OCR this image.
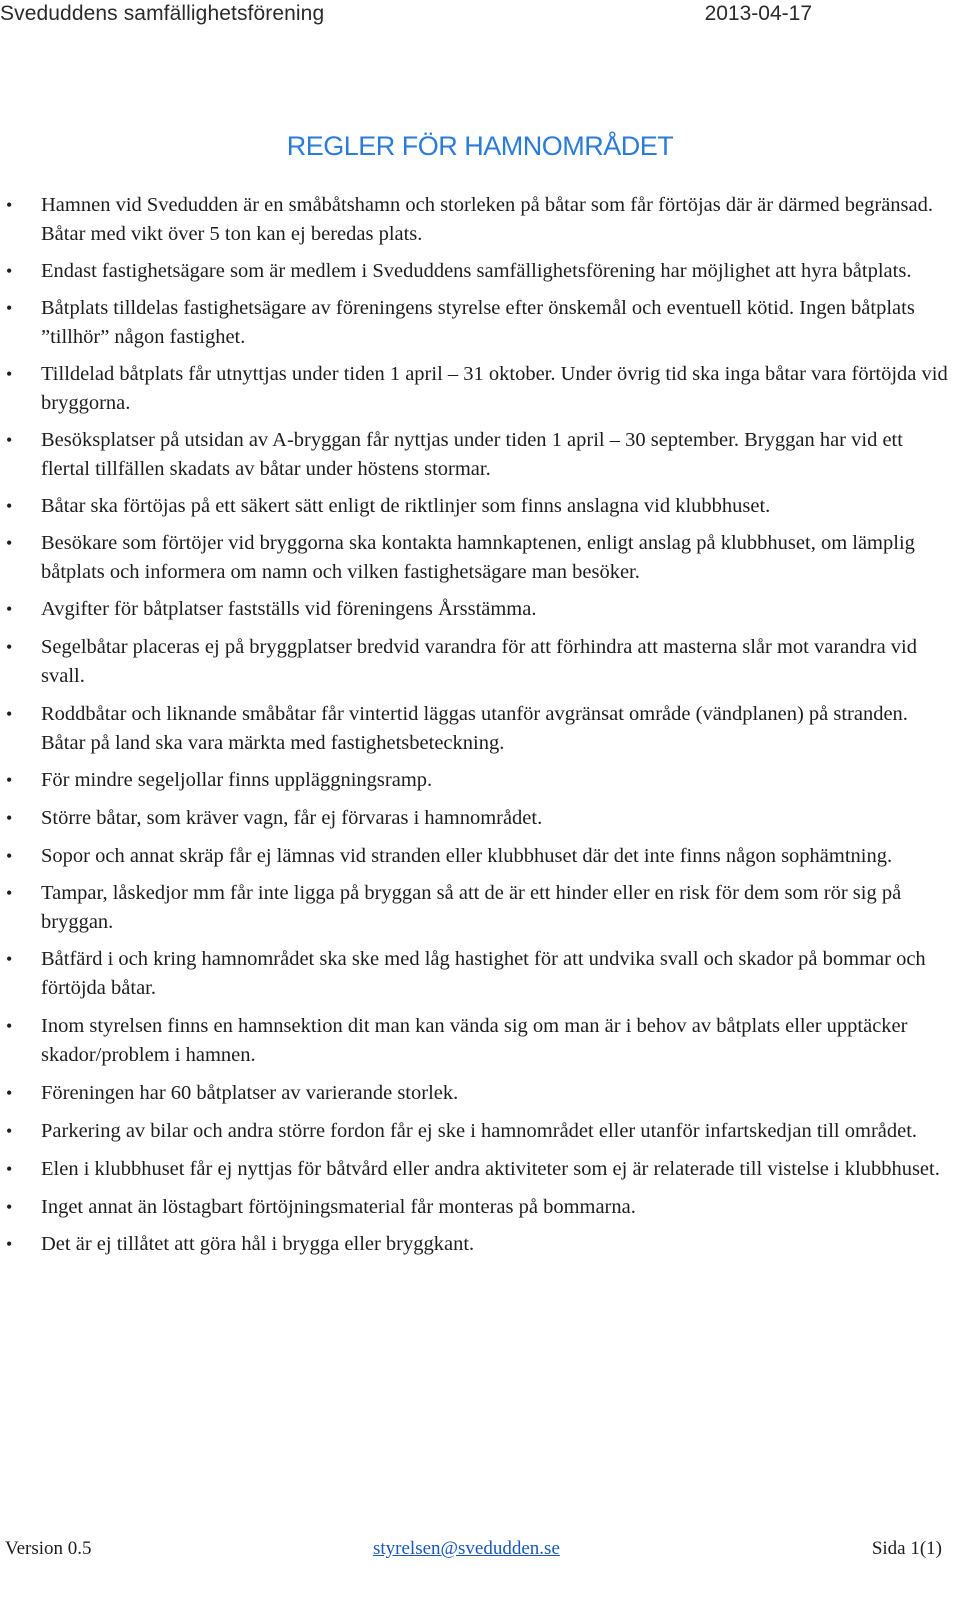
Sveduddens samfällighetsförening	2013-04-17
REGLER FÖR HAMNOMRÅDET
• Hamnen vid Svedudden är en småbåtshamn och storleken på båtar som får förtöjas där är därmed begränsad. Båtar med vikt över 5 ton kan ej beredas plats.
• Endast fastighetsägare som är medlem i Sveduddens samfällighetsförening har möjlighet att hyra båtplats.
• Båtplats tilldelas fastighetsägare av föreningens styrelse efter önskemål och eventuell kötid. Ingen båtplats ”tillhör” någon fastighet.
• Tilldelad båtplats får utnyttjas under tiden 1 april – 31 oktober. Under övrig tid ska inga båtar vara förtöjda vid bryggorna.
• Besöksplatser på utsidan av A-bryggan får nyttjas under tiden 1 april – 30 september. Bryggan har vid ett flertal tillfällen skadats av båtar under höstens stormar.
• Båtar ska förtöjas på ett säkert sätt enligt de riktlinjer som finns anslagna vid klubbhuset.
• Besökare som förtöjer vid bryggorna ska kontakta hamnkaptenen, enligt anslag på klubbhuset, om lämplig båtplats och informera om namn och vilken fastighetsägare man besöker.
• Avgifter för båtplatser fastställs vid föreningens Årsstämma.
• Segelbåtar placeras ej på bryggplatser bredvid varandra för att förhindra att masterna slår mot varandra vid svall.
• Roddbåtar och liknande småbåtar får vintertid läggas utanför avgränsat område (vändplanen) på stranden. Båtar på land ska vara märkta med fastighetsbeteckning.
• För mindre segeljollar finns uppläggningsramp.
• Större båtar, som kräver vagn, får ej förvaras i hamnområdet.
• Sopor och annat skräp får ej lämnas vid stranden eller klubbhuset där det inte finns någon sophämtning.
• Tampar, låskedjor mm får inte ligga på bryggan så att de är ett hinder eller en risk för dem som rör sig på bryggan.
• Båtfärd i och kring hamnområdet ska ske med låg hastighet för att undvika svall och skador på bommar och förtöjda båtar.
• Inom styrelsen finns en hamnsektion dit man kan vända sig om man är i behov av båtplats eller upptäcker skador/problem i hamnen.
• Föreningen har 60 båtplatser av varierande storlek.
• Parkering av bilar och andra större fordon får ej ske i hamnområdet eller utanför infartskedjan till området.
• Elen i klubbhuset får ej nyttjas för båtvård eller andra aktiviteter som ej är relaterade till vistelse i klubbhuset.
• Inget annat än löstagbart förtöjningsmaterial får monteras på bommarna.
• Det är ej tillåtet att göra hål i brygga eller bryggkant.
Version 0.5	styrelsen@svedudden.se	Sida 1(1)
